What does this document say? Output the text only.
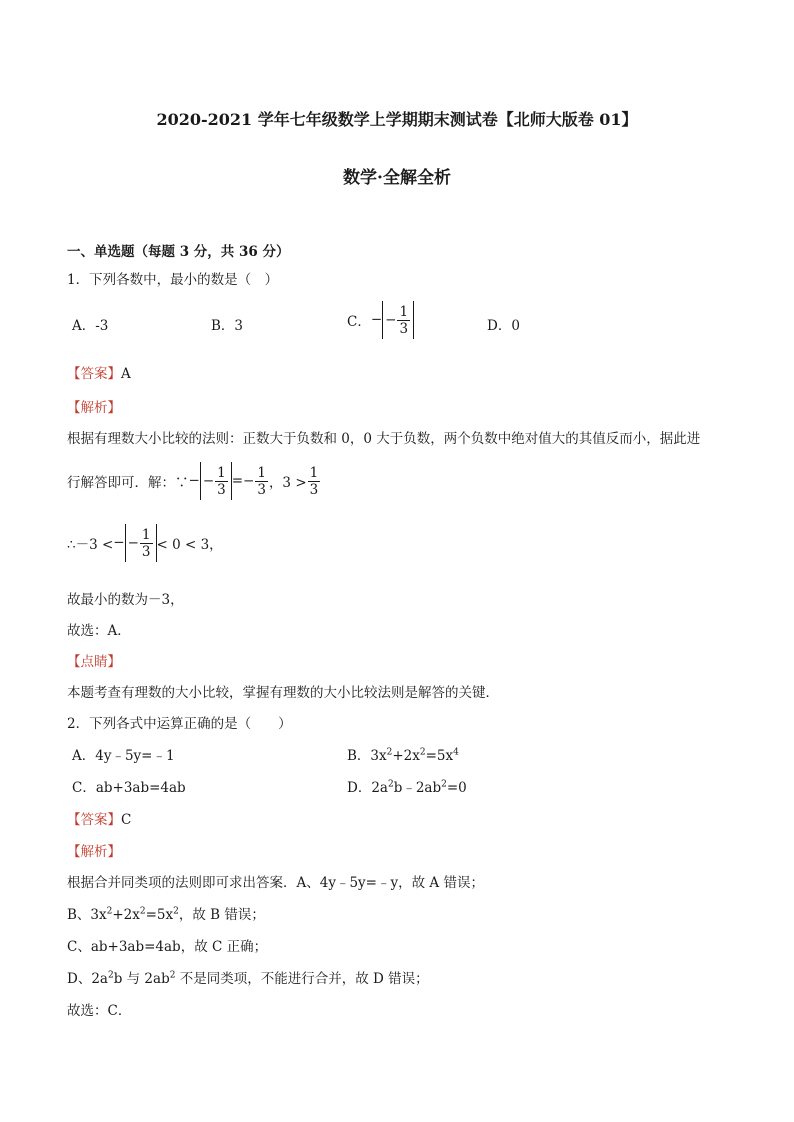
2020-2021 学年七年级数学上学期期末测试卷【北师大版卷 01】
数学·全解全析
一、单选题（每题 3 分，共 36 分）
1．下列各数中，最小的数是（　）
A．-3	B．3	C． − − $\frac{1}{3}$	D．0
【答案】A
【解析】
根据有理数大小比较的法则：正数大于负数和 0，0 大于负数，两个负数中绝对值大的其值反而小，据此进
行解答即可．解：∵ − − $\frac{1}{3}$ = − $\frac{1}{3}$ ，$3 > \frac{1}{3}$
∴－3 < − − $\frac{1}{3} < 0 < 3$，
故最小的数为－3，
故选：A．
【点睛】
本题考查有理数的大小比较，掌握有理数的大小比较法则是解答的关键．
2．下列各式中运算正确的是（　　）
A．4y﹣5y=﹣1	B．$3x^2+2x^2=5x^4$
C．ab+3ab=4ab	D．$2a^2b﹣2ab^2=0$
【答案】C
【解析】
根据合并同类项的法则即可求出答案．A、4y﹣5y=﹣y，故 A 错误；
B、$3x^2+2x^2=5x^2$，故 B 错误；
C、ab+3ab=4ab，故 C 正确；
D、$2a^2b$ 与 $2ab^2$ 不是同类项，不能进行合并，故 D 错误；
故选：C．
